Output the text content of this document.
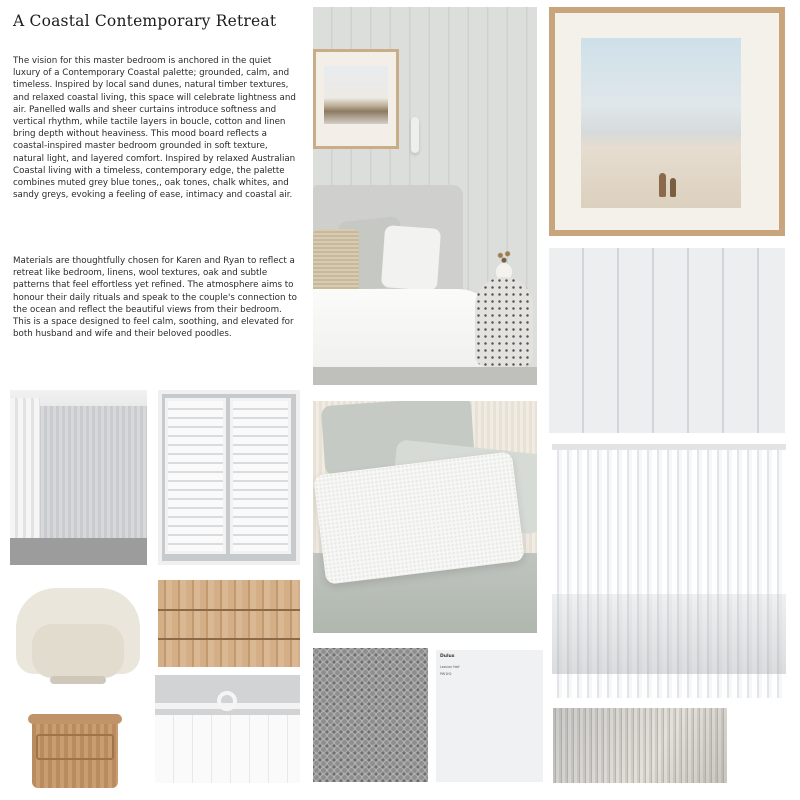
A Coastal Contemporary Retreat

The vision for this master bedroom is anchored in the quiet luxury of a Contemporary Coastal palette; grounded, calm, and timeless. Inspired by local sand dunes, natural timber textures, and relaxed coastal living, this space will celebrate lightness and air. Panelled walls and sheer curtains introduce softness and vertical rhythm, while tactile layers in boucle, cotton and linen bring depth without heaviness. This mood board reflects a coastal-inspired master bedroom grounded in soft texture, natural light, and layered comfort. Inspired by relaxed Australian Coastal living with a timeless, contemporary edge, the palette combines muted grey blue tones,, oak tones, chalk whites, and sandy greys, evoking a feeling of ease, intimacy and coastal air.

Materials are thoughtfully chosen for Karen and Ryan to reflect a retreat like bedroom, linens, wool textures, oak and subtle patterns that feel effortless yet refined. The atmosphere aims to honour their daily rituals and speak to the couple's connection to the ocean and reflect the beautiful views from their bedroom. This is a space designed to feel calm, soothing, and elevated for both husband and wife and their beloved poodles.

Dulux
Lexicon Half
PW1H2
